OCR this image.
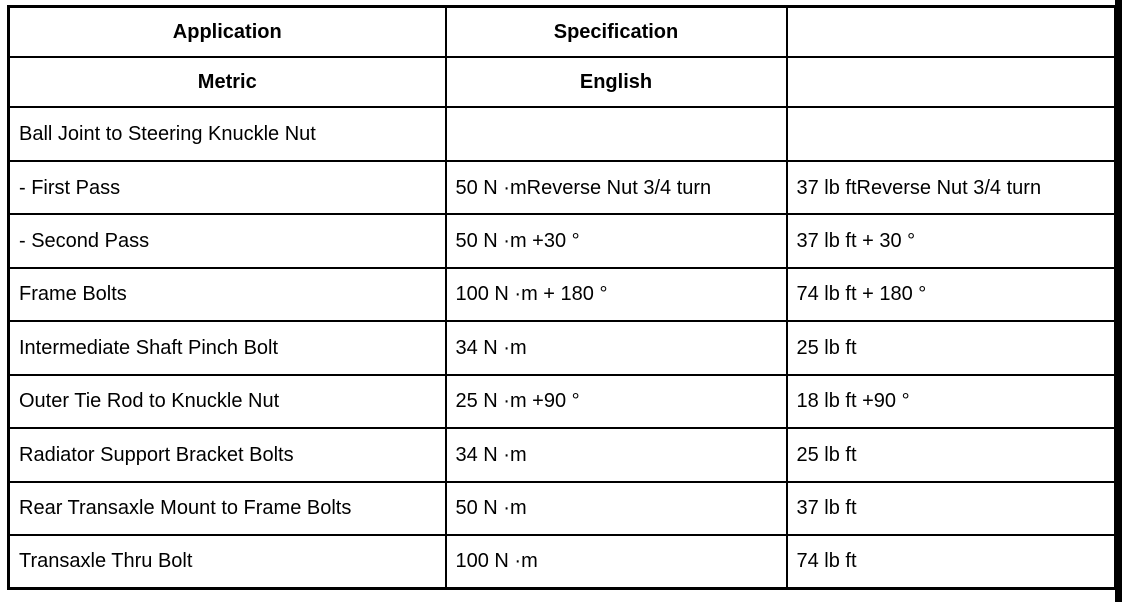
Application	Specification	
Metric	English	
Ball Joint to Steering Knuckle Nut		
- First Pass	50 N ·mReverse Nut 3/4 turn	37 lb ftReverse Nut 3/4 turn
- Second Pass	50 N ·m +30 °	37 lb ft + 30 °
Frame Bolts	100 N ·m + 180 °	74 lb ft + 180 °
Intermediate Shaft Pinch Bolt	34 N ·m	25 lb ft
Outer Tie Rod to Knuckle Nut	25 N ·m +90 °	18 lb ft +90 °
Radiator Support Bracket Bolts	34 N ·m	25 lb ft
Rear Transaxle Mount to Frame Bolts	50 N ·m	37 lb ft
Transaxle Thru Bolt	100 N ·m	74 lb ft
